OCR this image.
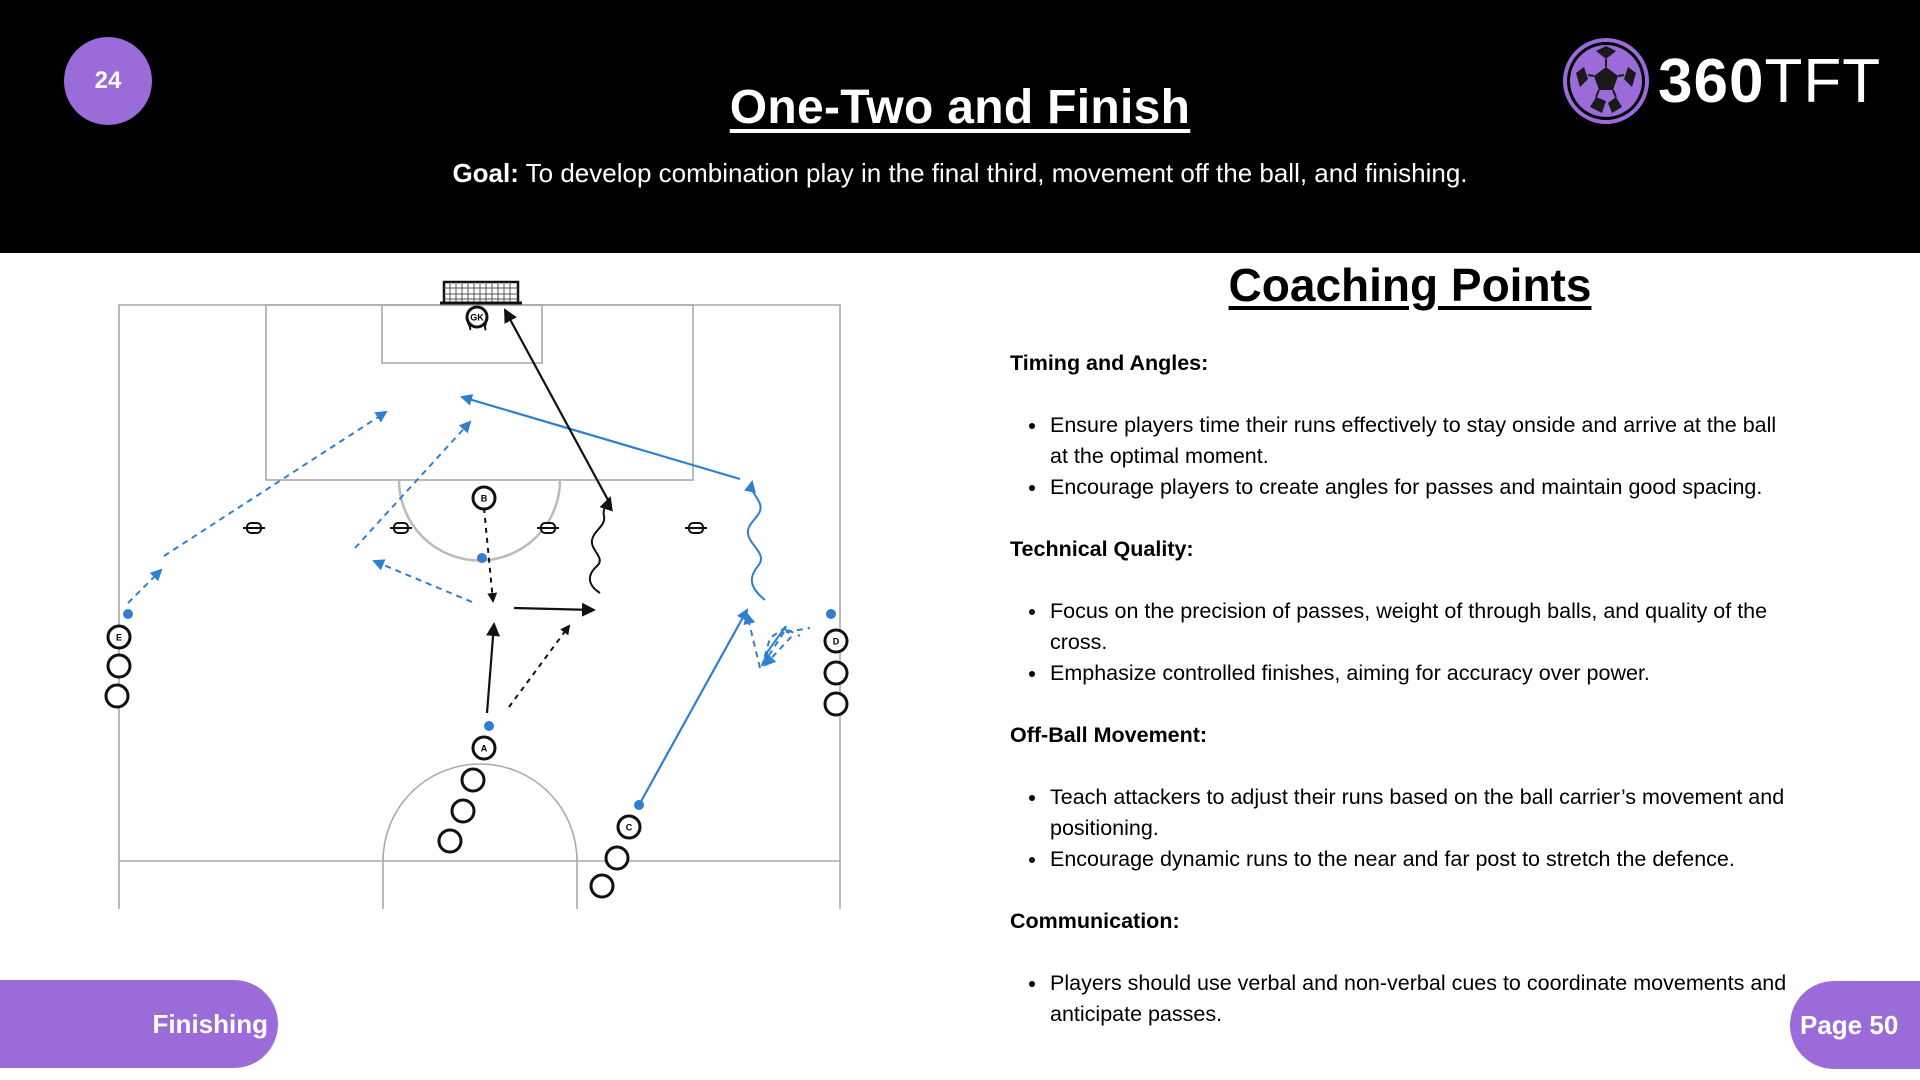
24
One-Two and Finish
Goal: To develop combination play in the final third, movement off the ball, and finishing.
360TFT
GK
B
A
C
D
E
Coaching Points

Timing and Angles:

• Ensure players time their runs effectively to stay onside and arrive at the ball at the optimal moment.
• Encourage players to create angles for passes and maintain good spacing.

Technical Quality:

• Focus on the precision of passes, weight of through balls, and quality of the cross.
• Emphasize controlled finishes, aiming for accuracy over power.

Off-Ball Movement:

• Teach attackers to adjust their runs based on the ball carrier’s movement and positioning.
• Encourage dynamic runs to the near and far post to stretch the defence.

Communication:

• Players should use verbal and non-verbal cues to coordinate movements and anticipate passes.
Finishing	Page 50
